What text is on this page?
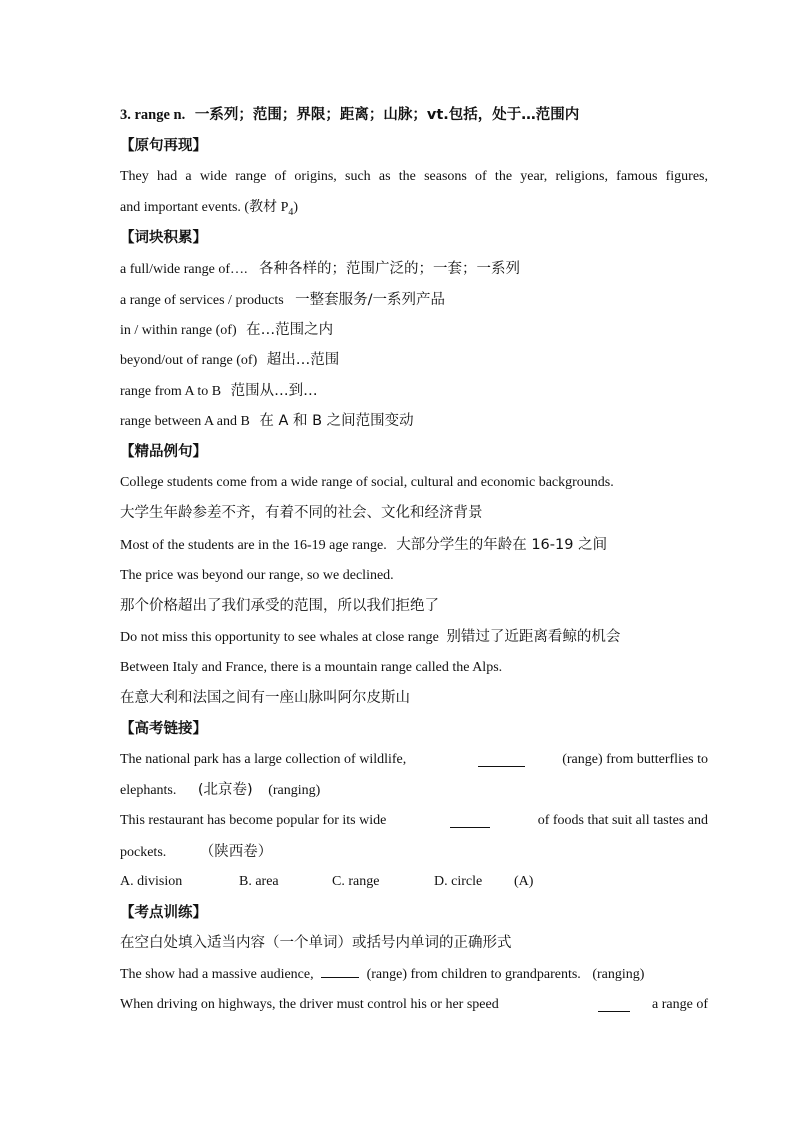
3. range n. 一系列；范围；界限；距离；山脉；vt.包括，处于…范围内
【原句再现】
They had a wide range of origins, such as the seasons of the year, religions, famous figures,
and important events. (教材 $P_4$)
【词块积累】
a full/wide range of…. 各种各样的；范围广泛的；一套；一系列
a range of services / products 一整套服务/一系列产品
in / within range (of) 在…范围之内
beyond/out of range (of) 超出…范围
range from A to B 范围从…到…
range between A and B 在 A 和 B 之间范围变动
【精品例句】
College students come from a wide range of social, cultural and economic backgrounds.
大学生年龄参差不齐，有着不同的社会、文化和经济背景
Most of the students are in the 16-19 age range. 大部分学生的年龄在 16-19 之间
The price was beyond our range, so we declined.
那个价格超出了我们承受的范围，所以我们拒绝了
Do not miss this opportunity to see whales at close range 别错过了近距离看鲸的机会
Between Italy and France, there is a mountain range called the Alps.
在意大利和法国之间有一座山脉叫阿尔皮斯山
【高考链接】
The national park has a large collection of wildlife,	(range) from butterflies to
elephants. (北京卷) (ranging)
This restaurant has become popular for its wide	of foods that suit all tastes and
pockets. （陕西卷）
A. division	B. area	C. range	D. circle (A)
【考点训练】
在空白处填入适当内容（一个单词）或括号内单词的正确形式
The show had a massive audience,	(range) from children to grandparents. (ranging)
When driving on highways, the driver must control his or her speed	a range of
